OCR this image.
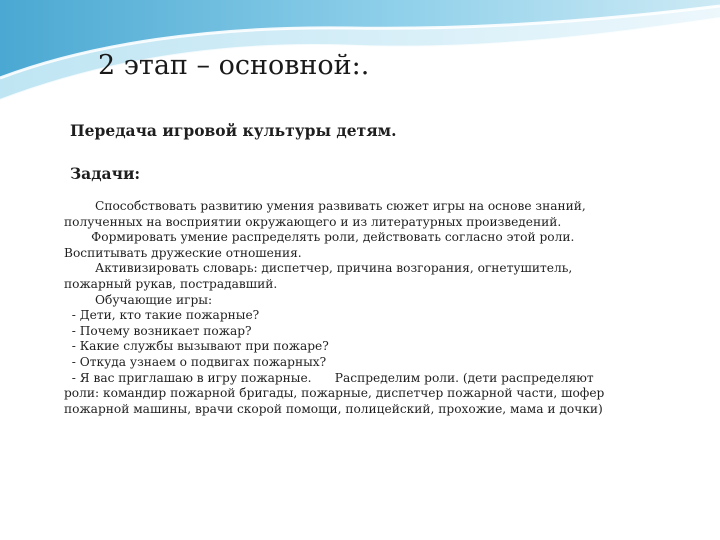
2 этап – основной:.
Передача игровой культуры детям.
Задачи:
Способствовать развитию умения развивать сюжет игры на основе знаний,
полученных на восприятии окружающего и из литературных произведений.
Формировать умение распределять роли, действовать согласно этой роли.
Воспитывать дружеские отношения.
Активизировать словарь: диспетчер, причина возгорания, огнетушитель,
пожарный рукав, пострадавший.
Обучающие игры:
- Дети, кто такие пожарные?
- Почему возникает пожар?
- Какие службы вызывают при пожаре?
- Откуда узнаем о подвигах пожарных?
- Я вас приглашаю в игру пожарные.      Распределим роли. (дети распределяют
роли: командир пожарной бригады, пожарные, диспетчер пожарной части, шофер
пожарной машины, врачи скорой помощи, полицейский, прохожие, мама и дочки)
